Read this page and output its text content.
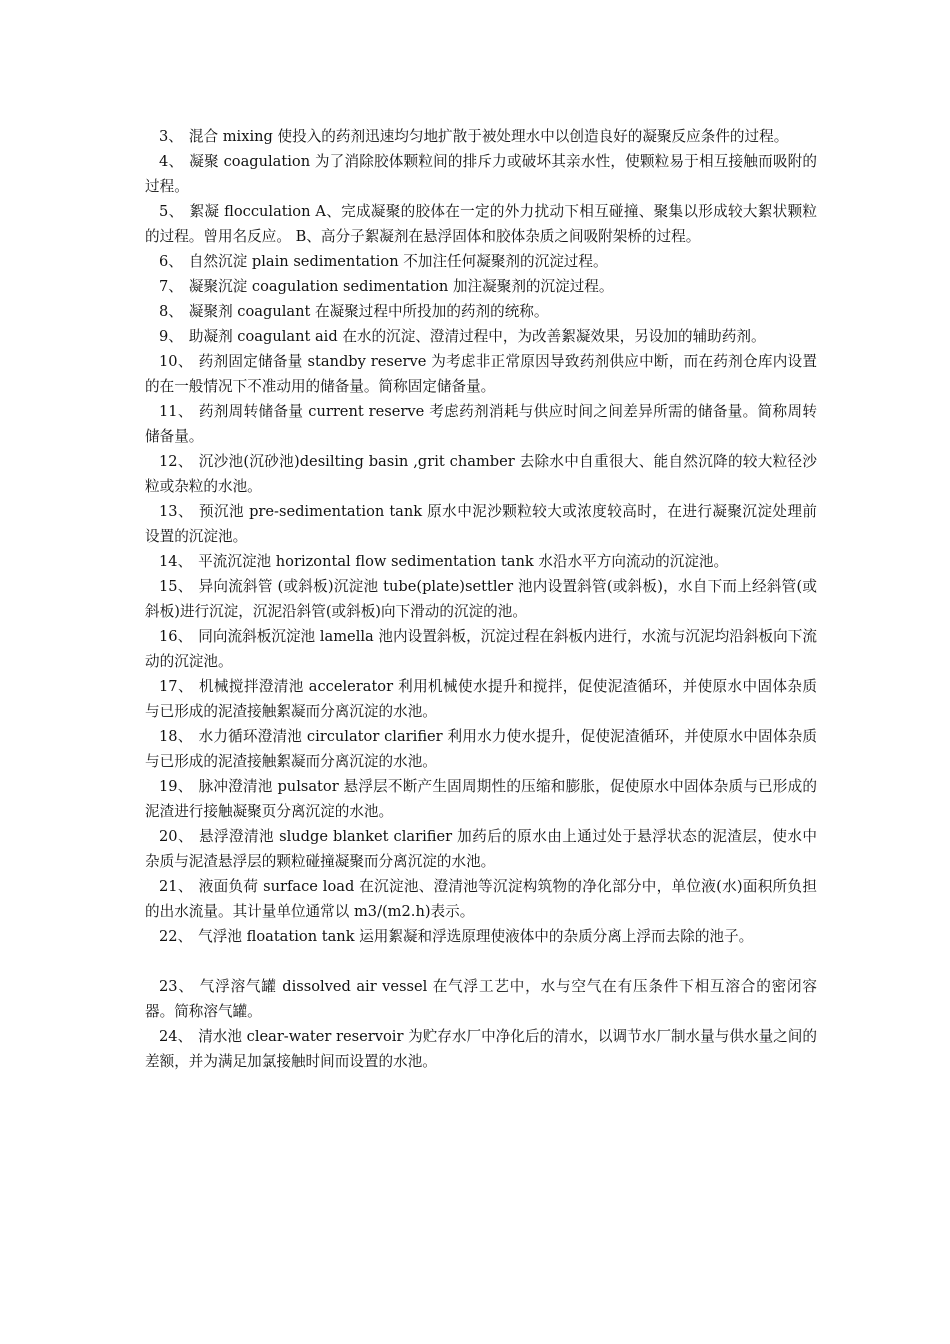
3、 混合 mixing 使投入的药剂迅速均匀地扩散于被处理水中以创造良好的凝聚反应条件的过程。

4、 凝聚 coagulation 为了消除胶体颗粒间的排斥力或破坏其亲水性，使颗粒易于相互接触而吸附的过程。

5、 絮凝 flocculation A、完成凝聚的胶体在一定的外力扰动下相互碰撞、聚集以形成较大絮状颗粒的过程。曾用名反应。 B、高分子絮凝剂在悬浮固体和胶体杂质之间吸附架桥的过程。

6、 自然沉淀 plain sedimentation 不加注任何凝聚剂的沉淀过程。

7、 凝聚沉淀 coagulation sedimentation 加注凝聚剂的沉淀过程。

8、 凝聚剂 coagulant 在凝聚过程中所投加的药剂的统称。

9、 助凝剂 coagulant aid 在水的沉淀、澄清过程中，为改善絮凝效果，另设加的辅助药剂。

10、 药剂固定储备量 standby reserve 为考虑非正常原因导致药剂供应中断，而在药剂仓库内设置的在一般情况下不准动用的储备量。简称固定储备量。

11、 药剂周转储备量 current reserve 考虑药剂消耗与供应时间之间差异所需的储备量。简称周转储备量。

12、 沉沙池(沉砂池)desilting basin ,grit chamber 去除水中自重很大、能自然沉降的较大粒径沙粒或杂粒的水池。

13、 预沉池 pre-sedimentation tank 原水中泥沙颗粒较大或浓度较高时，在进行凝聚沉淀处理前设置的沉淀池。

14、 平流沉淀池 horizontal flow sedimentation tank 水沿水平方向流动的沉淀池。

15、 异向流斜管 (或斜板)沉淀池 tube(plate)settler 池内设置斜管(或斜板)，水自下而上经斜管(或斜板)进行沉淀，沉泥沿斜管(或斜板)向下滑动的沉淀的池。

16、 同向流斜板沉淀池 lamella 池内设置斜板，沉淀过程在斜板内进行，水流与沉泥均沿斜板向下流动的沉淀池。

17、 机械搅拌澄清池 accelerator 利用机械使水提升和搅拌，促使泥渣循环，并使原水中固体杂质与已形成的泥渣接触絮凝而分离沉淀的水池。

18、 水力循环澄清池 circulator clarifier 利用水力使水提升，促使泥渣循环，并使原水中固体杂质与已形成的泥渣接触絮凝而分离沉淀的水池。

19、 脉冲澄清池 pulsator 悬浮层不断产生固周期性的压缩和膨胀，促使原水中固体杂质与已形成的泥渣进行接触凝聚页分离沉淀的水池。

20、 悬浮澄清池 sludge blanket clarifier 加药后的原水由上通过处于悬浮状态的泥渣层，使水中杂质与泥渣悬浮层的颗粒碰撞凝聚而分离沉淀的水池。

21、 液面负荷 surface load 在沉淀池、澄清池等沉淀构筑物的净化部分中，单位液(水)面积所负担的出水流量。其计量单位通常以 m3/(m2.h)表示。

22、 气浮池 floatation tank 运用絮凝和浮选原理使液体中的杂质分离上浮而去除的池子。

23、 气浮溶气罐 dissolved air vessel 在气浮工艺中，水与空气在有压条件下相互溶合的密闭容器。简称溶气罐。

24、 清水池 clear-water reservoir 为贮存水厂中净化后的清水，以调节水厂制水量与供水量之间的差额，并为满足加氯接触时间而设置的水池。
